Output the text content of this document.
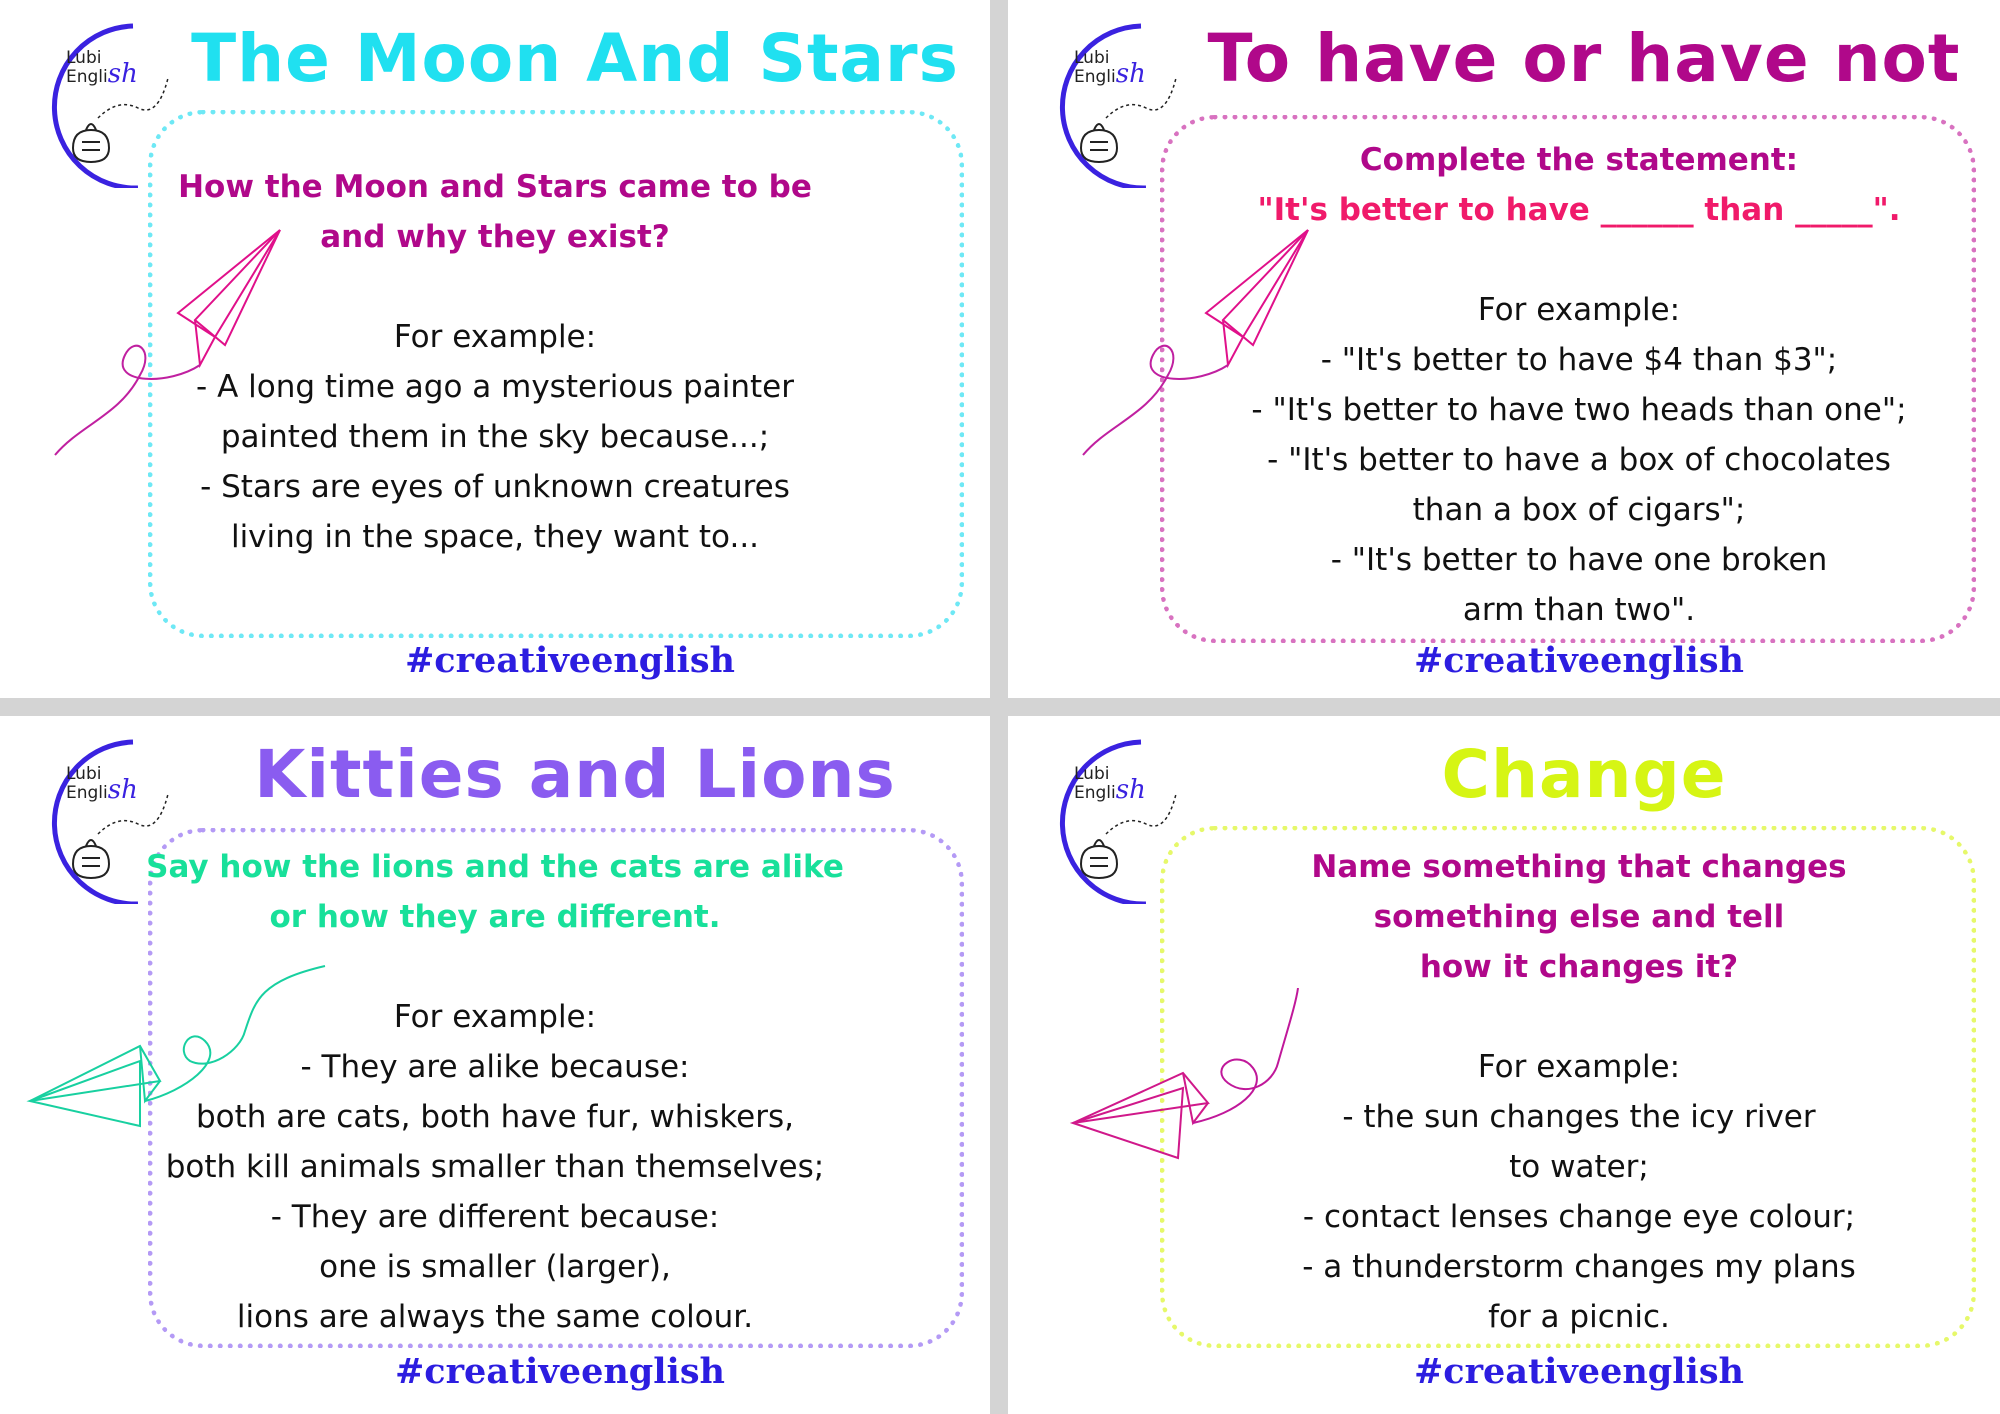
Lubi
English The Moon And Stars
How the Moon and Stars came to be
and why they exist?
For example:
- A long time ago a mysterious painter
painted them in the sky because...;
- Stars are eyes of unknown creatures
living in the space, they want to...
#creativeenglish
Lubi
English To have or have not
Complete the statement:
"It's better to have ______ than _____".
For example:
- "It's better to have $4 than $3";
- "It's better to have two heads than one";
- "It's better to have a box of chocolates
than a box of cigars";
- "It's better to have one broken
arm than two".
#creativeenglish
Lubi
English	Kitties and Lions
Say how the lions and the cats are alike
or how they are different.
For example:
- They are alike because:
both are cats, both have fur, whiskers,
both kill animals smaller than themselves;
- They are different because:
one is smaller (larger),
lions are always the same colour.
#creativeenglish
Lubi
English	Change
Name something that changes
something else and tell
how it changes it?
For example:
- the sun changes the icy river
to water;
- contact lenses change eye colour;
- a thunderstorm changes my plans
for a picnic.
#creativeenglish
